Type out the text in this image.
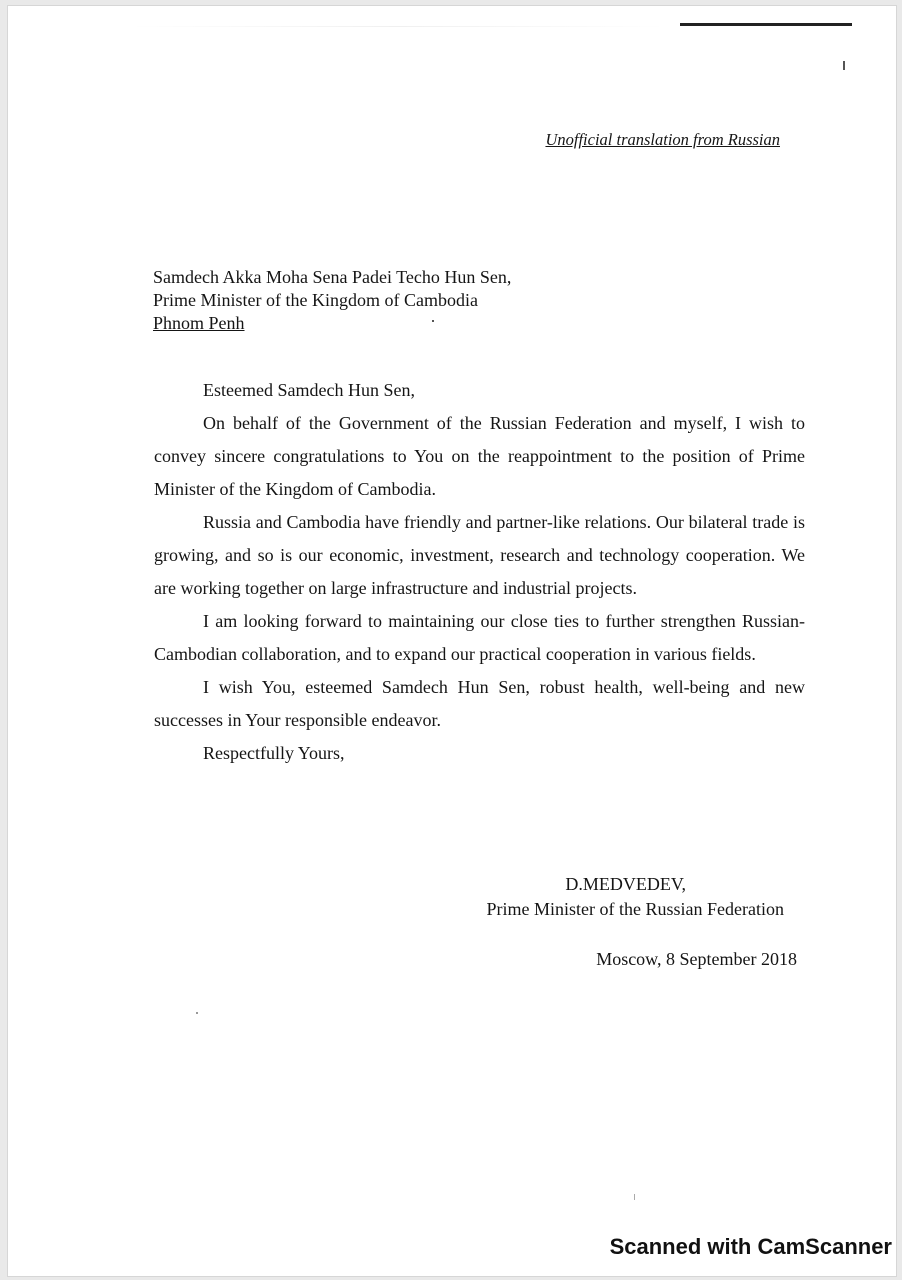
Unofficial translation from Russian
Samdech Akka Moha Sena Padei Techo Hun Sen,
Prime Minister of the Kingdom of Cambodia
Phnom Penh

Esteemed Samdech Hun Sen,

On behalf of the Government of the Russian Federation and myself, I wish to convey sincere congratulations to You on the reappointment to the position of Prime Minister of the Kingdom of Cambodia.

Russia and Cambodia have friendly and partner-like relations. Our bilateral trade is growing, and so is our economic, investment, research and technology cooperation. We are working together on large infrastructure and industrial projects.

I am looking forward to maintaining our close ties to further strengthen Russian-Cambodian collaboration, and to expand our practical cooperation in various fields.

I wish You, esteemed Samdech Hun Sen, robust health, well-being and new successes in Your responsible endeavor.

Respectfully Yours,

D.MEDVEDEV,
Prime Minister of the Russian Federation
Moscow, 8 September 2018
Scanned with CamScanner
